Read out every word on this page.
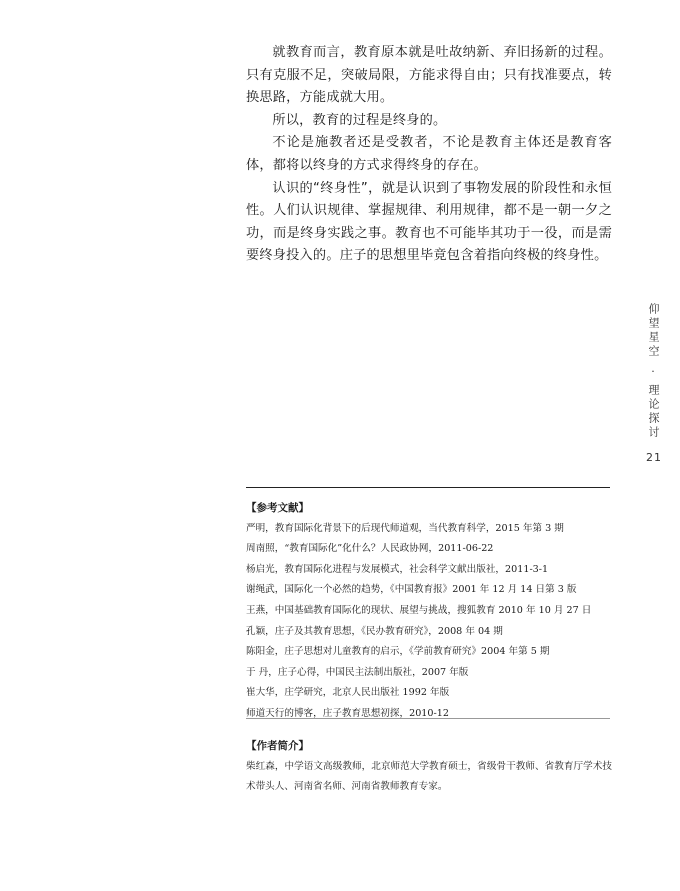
就教育而言，教育原本就是吐故纳新、弃旧扬新的过程。只有克服不足，突破局限，方能求得自由；只有找准要点，转换思路，方能成就大用。

所以，教育的过程是终身的。

不论是施教者还是受教者，不论是教育主体还是教育客体，都将以终身的方式求得终身的存在。

认识的“终身性”，就是认识到了事物发展的阶段性和永恒性。人们认识规律、掌握规律、利用规律，都不是一朝一夕之功，而是终身实践之事。教育也不可能毕其功于一役，而是需要终身投入的。庄子的思想里毕竟包含着指向终极的终身性。

仰望星空
·
理论探讨
21
【参考文献】
严明，教育国际化背景下的后现代师道观，当代教育科学，2015 年第 3 期
周南照，“教育国际化”化什么？人民政协网，2011-06-22
杨启光，教育国际化进程与发展模式，社会科学文献出版社，2011-3-1
谢绳武，国际化一个必然的趋势，《中国教育报》2001 年 12 月 14 日第 3 版
王燕，中国基础教育国际化的现状、展望与挑战，搜狐教育 2010 年 10 月 27 日
孔颖，庄子及其教育思想，《民办教育研究》，2008 年 04 期
陈阳金，庄子思想对儿童教育的启示，《学前教育研究》2004 年第 5 期
于 丹，庄子心得，中国民主法制出版社，2007 年版
崔大华，庄学研究，北京人民出版社 1992 年版
师道天行的博客，庄子教育思想初探，2010-12
【作者简介】
柴红森，中学语文高级教师，北京师范大学教育硕士，省级骨干教师、省教育厅学术技术带头人、河南省名师、河南省教师教育专家。
